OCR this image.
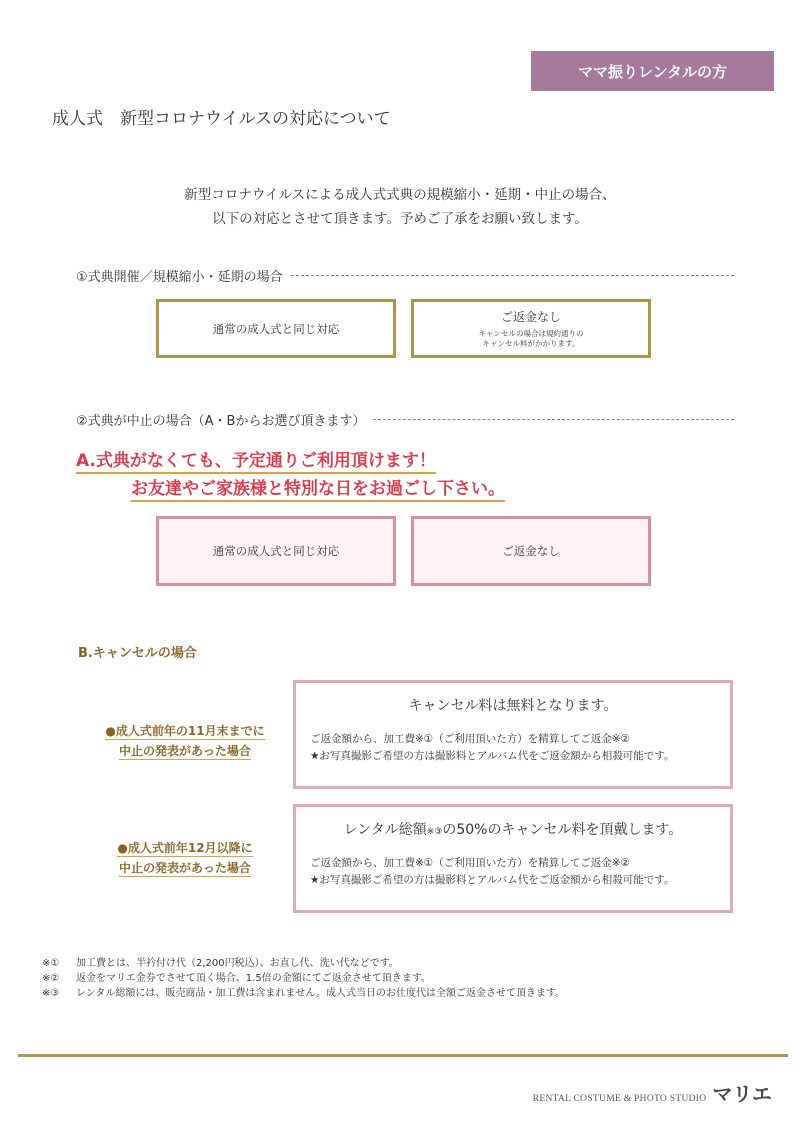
ママ振りレンタルの方
成人式　新型コロナウイルスの対応について
新型コロナウイルスによる成人式式典の規模縮小・延期・中止の場合、
以下の対応とさせて頂きます。予めご了承をお願い致します。
①式典開催／規模縮小・延期の場合
通常の成人式と同じ対応
ご返金なし
キャンセルの場合は規約通りの
キャンセル料がかかります。
②式典が中止の場合（A・Bからお選び頂きます）
A.式典がなくても、予定通りご利用頂けます！
お友達やご家族様と特別な日をお過ごし下さい。
通常の成人式と同じ対応	ご返金なし
B.キャンセルの場合
●成人式前年の11月末までに
中止の発表があった場合
キャンセル料は無料となります。
ご返金額から、加工費※①（ご利用頂いた方）を精算してご返金※②
★お写真撮影ご希望の方は撮影料とアルバム代をご返金額から相殺可能です。
●成人式前年12月以降に
中止の発表があった場合
レンタル総額※③の50%のキャンセル料を頂戴します。
ご返金額から、加工費※①（ご利用頂いた方）を精算してご返金※②
★お写真撮影ご希望の方は撮影料とアルバム代をご返金額から相殺可能です。
※①	加工費とは、半衿付け代（2,200円税込）、お直し代、洗い代などです。
※②	返金をマリエ金券でさせて頂く場合、1.5倍の金額にてご返金させて頂きます。
※③	レンタル総額には、販売商品・加工費は含まれません。成人式当日のお仕度代は全額ご返金させて頂きます。
RENTAL COSTUME & PHOTO STUDIO マリエ
